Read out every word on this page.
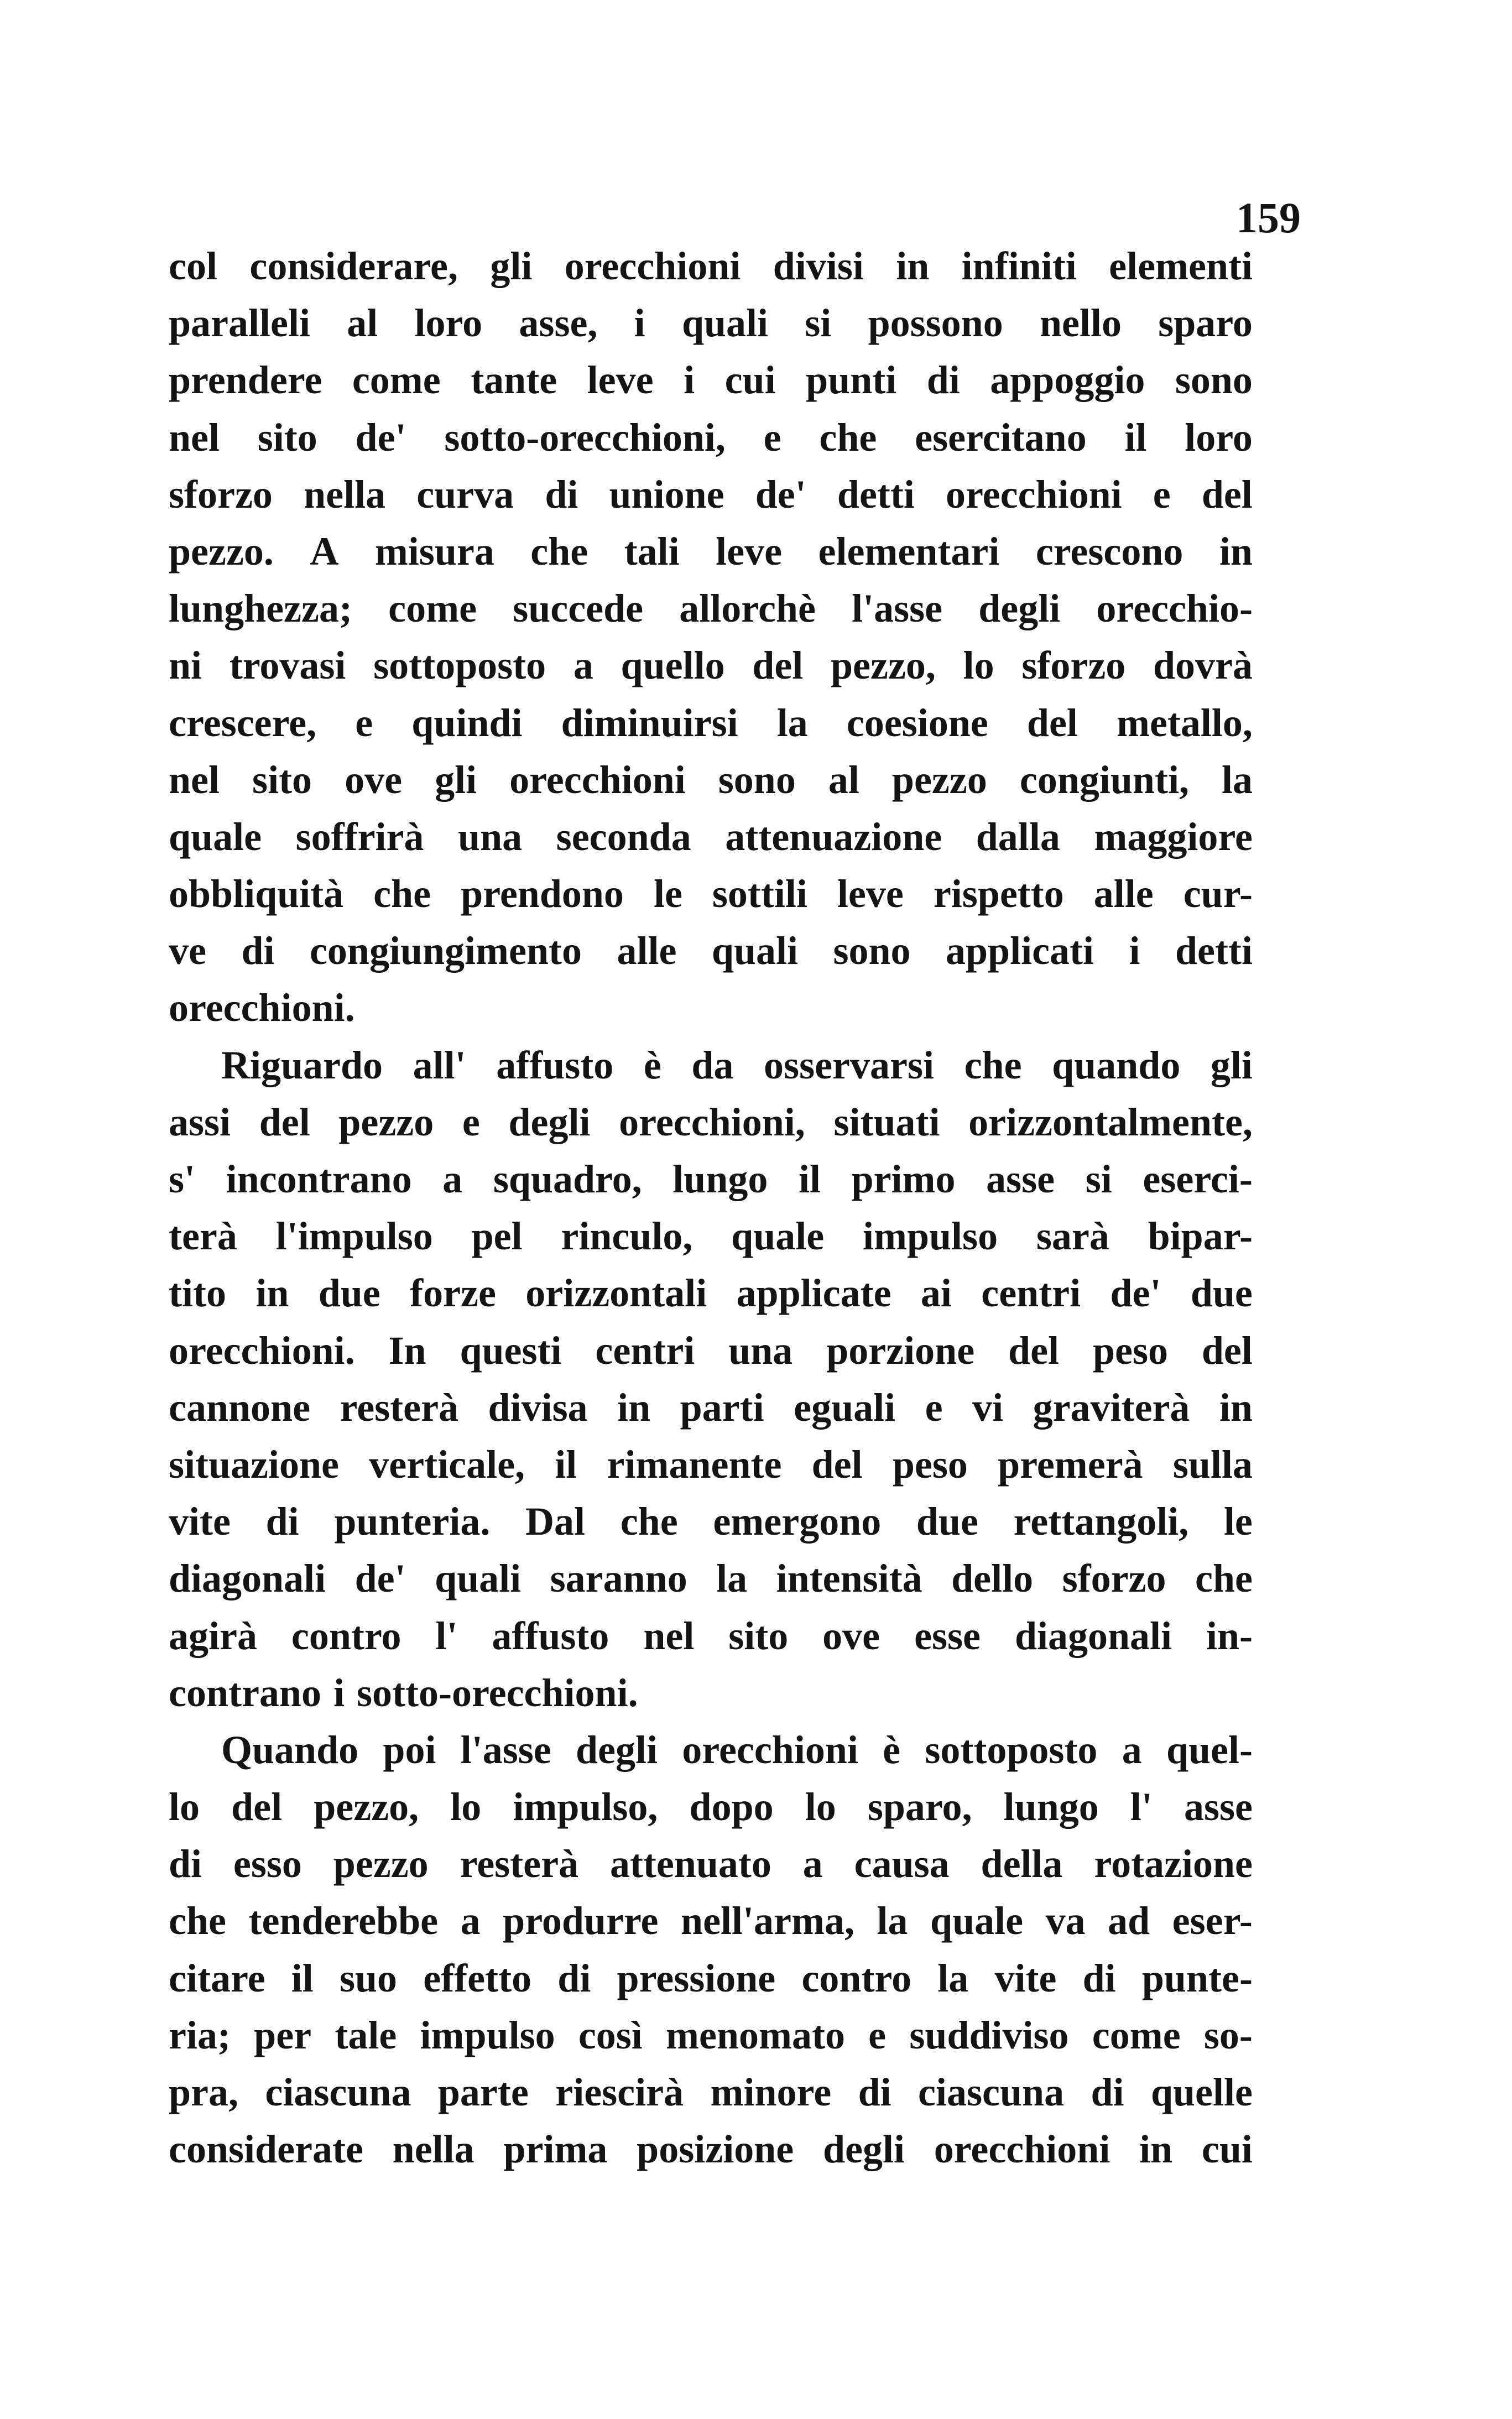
159
col considerare, gli orecchioni divisi in infiniti elementi
paralleli al loro asse, i quali si possono nello sparo
prendere come tante leve i cui punti di appoggio sono
nel sito de' sotto-orecchioni, e che esercitano il loro
sforzo nella curva di unione de' detti orecchioni e del
pezzo. A misura che tali leve elementari crescono in
lunghezza; come succede allorchè l'asse degli orecchio-
ni trovasi sottoposto a quello del pezzo, lo sforzo dovrà
crescere, e quindi diminuirsi la coesione del metallo,
nel sito ove gli orecchioni sono al pezzo congiunti, la
quale soffrirà una seconda attenuazione dalla maggiore
obbliquità che prendono le sottili leve rispetto alle cur-
ve di congiungimento alle quali sono applicati i detti
orecchioni.
Riguardo all' affusto è da osservarsi che quando gli
assi del pezzo e degli orecchioni, situati orizzontalmente,
s' incontrano a squadro, lungo il primo asse si eserci-
terà l'impulso pel rinculo, quale impulso sarà bipar-
tito in due forze orizzontali applicate ai centri de' due
orecchioni. In questi centri una porzione del peso del
cannone resterà divisa in parti eguali e vi graviterà in
situazione verticale, il rimanente del peso premerà sulla
vite di punteria. Dal che emergono due rettangoli, le
diagonali de' quali saranno la intensità dello sforzo che
agirà contro l' affusto nel sito ove esse diagonali in-
contrano i sotto-orecchioni.
Quando poi l'asse degli orecchioni è sottoposto a quel-
lo del pezzo, lo impulso, dopo lo sparo, lungo l' asse
di esso pezzo resterà attenuato a causa della rotazione
che tenderebbe a produrre nell'arma, la quale va ad eser-
citare il suo effetto di pressione contro la vite di punte-
ria; per tale impulso così menomato e suddiviso come so-
pra, ciascuna parte riescirà minore di ciascuna di quelle
considerate nella prima posizione degli orecchioni in cui
